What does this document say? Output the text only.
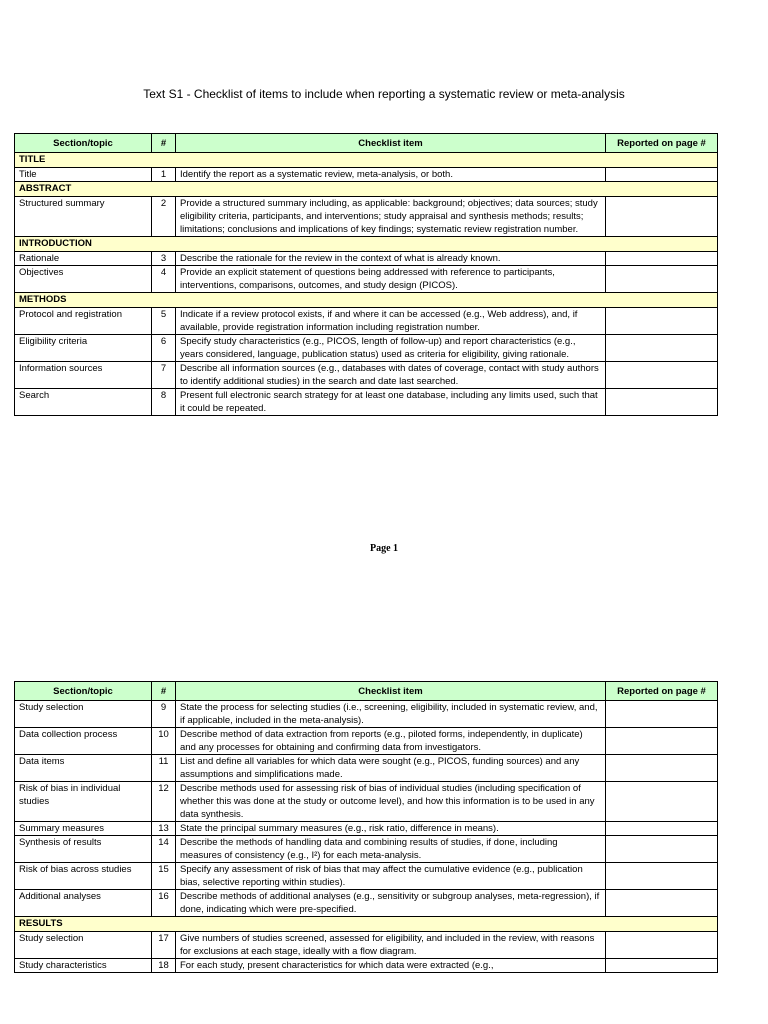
Text S1 - Checklist of items to include when reporting a systematic review or meta-analysis
Section/topic	#	Checklist item	Reported on page #
TITLE			
Title	1	Identify the report as a systematic review, meta-analysis, or both.	
ABSTRACT			
Structured summary	2	Provide a structured summary including, as applicable: background; objectives; data sources; study eligibility criteria, participants, and interventions; study appraisal and synthesis methods; results; limitations; conclusions and implications of key findings; systematic review registration number.	
INTRODUCTION			
Rationale	3	Describe the rationale for the review in the context of what is already known.	
Objectives	4	Provide an explicit statement of questions being addressed with reference to participants, interventions, comparisons, outcomes, and study design (PICOS).	
METHODS			
Protocol and registration	5	Indicate if a review protocol exists, if and where it can be accessed (e.g., Web address), and, if available, provide registration information including registration number.	
Eligibility criteria	6	Specify study characteristics (e.g., PICOS, length of follow-up) and report characteristics (e.g., years considered, language, publication status) used as criteria for eligibility, giving rationale.	
Information sources	7	Describe all information sources (e.g., databases with dates of coverage, contact with study authors to identify additional studies) in the search and date last searched.	
Search	8	Present full electronic search strategy for at least one database, including any limits used, such that it could be repeated.	
Page 1
Section/topic	#	Checklist item	Reported on page #
Study selection	9	State the process for selecting studies (i.e., screening, eligibility, included in systematic review, and, if applicable, included in the meta-analysis).	
Data collection process	10	Describe method of data extraction from reports (e.g., piloted forms, independently, in duplicate) and any processes for obtaining and confirming data from investigators.	
Data items	11	List and define all variables for which data were sought (e.g., PICOS, funding sources) and any assumptions and simplifications made.	
Risk of bias in individual studies	12	Describe methods used for assessing risk of bias of individual studies (including specification of whether this was done at the study or outcome level), and how this information is to be used in any data synthesis.	
Summary measures	13	State the principal summary measures (e.g., risk ratio, difference in means).	
Synthesis of results	14	Describe the methods of handling data and combining results of studies, if done, including measures of consistency (e.g., I²) for each meta-analysis.	
Risk of bias across studies	15	Specify any assessment of risk of bias that may affect the cumulative evidence (e.g., publication bias, selective reporting within studies).	
Additional analyses	16	Describe methods of additional analyses (e.g., sensitivity or subgroup analyses, meta-regression), if done, indicating which were pre-specified.	
RESULTS			
Study selection	17	Give numbers of studies screened, assessed for eligibility, and included in the review, with reasons for exclusions at each stage, ideally with a flow diagram.	
Study characteristics	18	For each study, present characteristics for which data were extracted (e.g.,	
